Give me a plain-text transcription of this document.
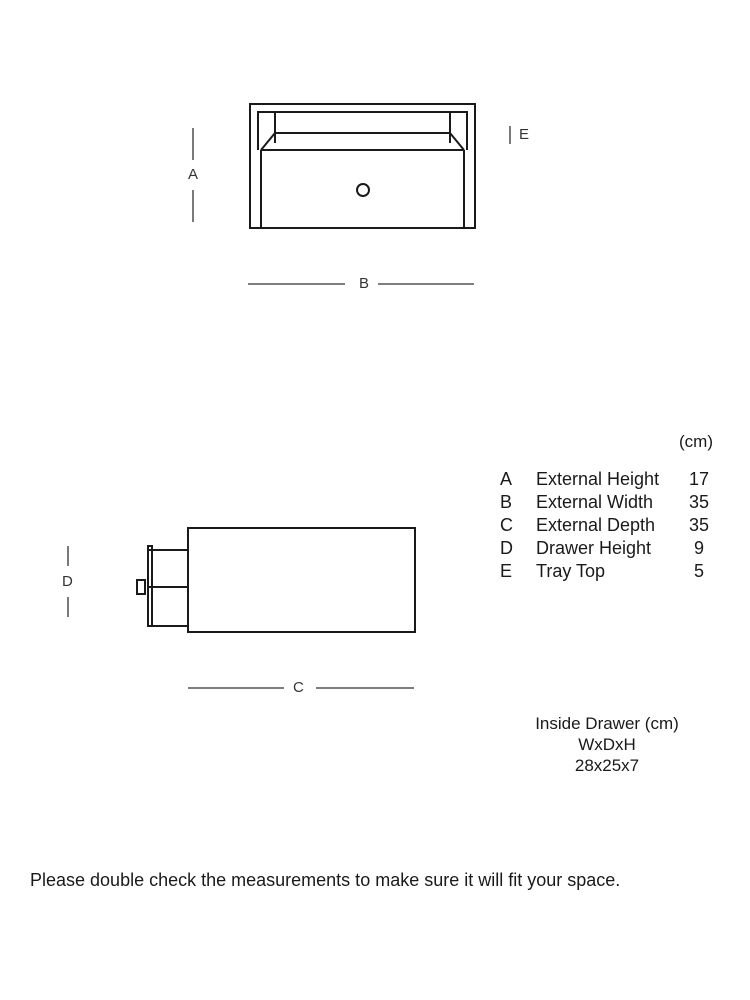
A
B
E
D
C
(cm)
A	External Height	17
B	External Width	35
C	External Depth	35
D	Drawer Height	9
E	Tray Top	5
Inside Drawer (cm)
WxDxH
28x25x7
Please double check the measurements to make sure it will fit your space.
